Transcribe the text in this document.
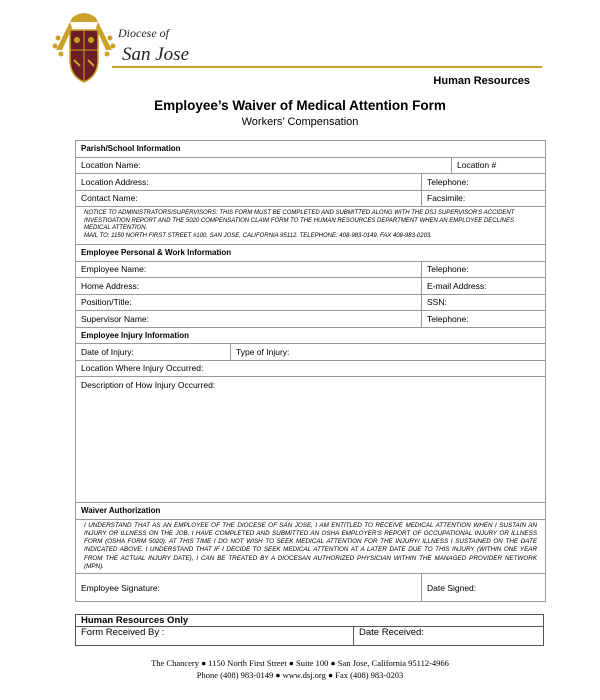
Diocese of
San Jose
Human Resources
Employee’s Waiver of Medical Attention Form
Workers’ Compensation
Parish/School Information			
Location Name:			Location #
Location Address:		Telephone:	
Contact Name:		Facsimile:	
NOTICE TO ADMINISTRATORS/SUPERVISORS: THIS FORM MUST BE COMPLETED AND SUBMITTED ALONG WITH THE DSJ SUPERVISOR'S ACCIDENT INVESTIGATION REPORT AND THE 5020 COMPENSATION CLAIM FORM TO THE HUMAN RESOURCES DEPARTMENT WHEN AN EMPLOYEE DECLINES MEDICAL ATTENTION.
MAIL TO: 1150 NORTH FIRST STREET #100, SAN JOSE, CALIFORNIA 95112. TELEPHONE: 408-983-0149, FAX 408-983-0203.			
Employee Personal & Work Information			
Employee Name:		Telephone:	
Home Address:		E-mail Address:	
Position/Title:		SSN:	
Supervisor Name:		Telephone:	
Employee Injury Information			
Date of Injury:	Type of Injury:		
Location Where Injury Occurred:			
Description of How Injury Occurred:			
Waiver Authorization			
I UNDERSTAND THAT AS AN EMPLOYEE OF THE DIOCESE OF SAN JOSE, I AM ENTITLED TO RECEIVE MEDICAL ATTENTION WHEN I SUSTAIN AN INJURY OR ILLNESS ON THE JOB. I HAVE COMPLETED AND SUBMITTED AN OSHA EMPLOYER'S REPORT OF OCCUPATIONAL INJURY OR ILLNESS FORM (OSHA FORM 5020). AT THIS TIME I DO NOT WISH TO SEEK MEDICAL ATTENTION FOR THE INJURY/ ILLNESS I SUSTAINED ON THE DATE INDICATED ABOVE. I UNDERSTAND THAT IF I DECIDE TO SEEK MEDICAL ATTENTION AT A LATER DATE DUE TO THIS INJURY (WITHIN ONE YEAR FROM THE ACTUAL INJURY DATE), I CAN BE TREATED BY A DIOCESAN AUTHORIZED PHYSICIAN WITHIN THE MANAGED PROVIDER NETWORK (MPN).			
Employee Signature:		Date Signed:	
Human Resources Only
Form Received By :	Date Received:
The Chancery ● 1150 North First Street ● Suite 100 ● San Jose, California 95112-4966
Phone (408) 983-0149 ● www.dsj.org ● Fax (408) 983-0203
